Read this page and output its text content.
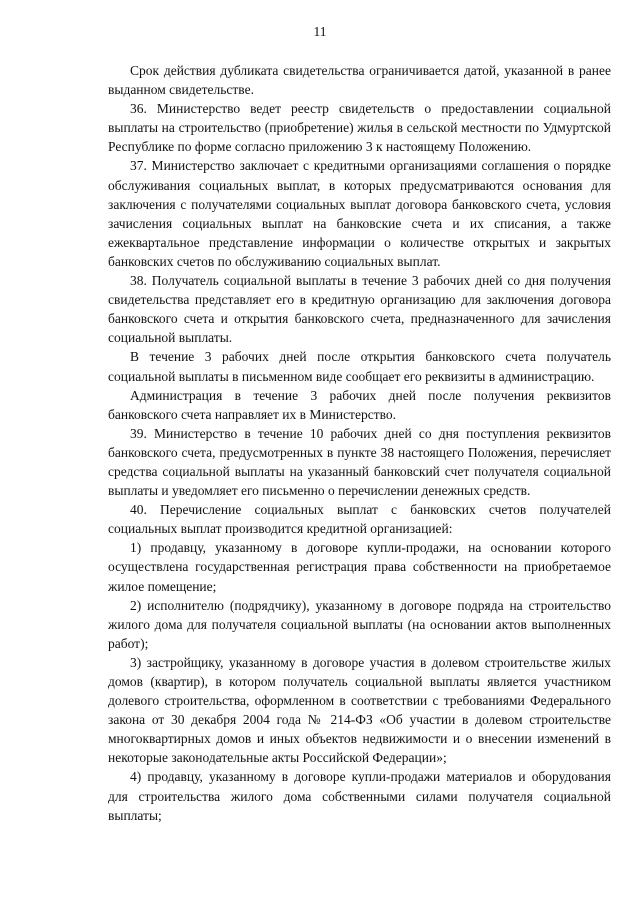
11

Срок действия дубликата свидетельства ограничивается датой, указанной в ранее выданном свидетельстве.

36. Министерство ведет реестр свидетельств о предоставлении социальной выплаты на строительство (приобретение) жилья в сельской местности по Удмуртской Республике по форме согласно приложению 3 к настоящему Положению.

37. Министерство заключает с кредитными организациями соглашения о порядке обслуживания социальных выплат, в которых предусматриваются основания для заключения с получателями социальных выплат договора банковского счета, условия зачисления социальных выплат на банковские счета и их списания, а также ежеквартальное представление информации о количестве открытых и закрытых банковских счетов по обслуживанию социальных выплат.

38. Получатель социальной выплаты в течение 3 рабочих дней со дня получения свидетельства представляет его в кредитную организацию для заключения договора банковского счета и открытия банковского счета, предназначенного для зачисления социальной выплаты.

В течение 3 рабочих дней после открытия банковского счета получатель социальной выплаты в письменном виде сообщает его реквизиты в администрацию.

Администрация в течение 3 рабочих дней после получения реквизитов банковского счета направляет их в Министерство.

39. Министерство в течение 10 рабочих дней со дня поступления реквизитов банковского счета, предусмотренных в пункте 38 настоящего Положения, перечисляет средства социальной выплаты на указанный банковский счет получателя социальной выплаты и уведомляет его письменно о перечислении денежных средств.

40. Перечисление социальных выплат с банковских счетов получателей социальных выплат производится кредитной организацией:

1) продавцу, указанному в договоре купли-продажи, на основании которого осуществлена государственная регистрация права собственности на приобретаемое жилое помещение;

2) исполнителю (подрядчику), указанному в договоре подряда на строительство жилого дома для получателя социальной выплаты (на основании актов выполненных работ);

3) застройщику, указанному в договоре участия в долевом строительстве жилых домов (квартир), в котором получатель социальной выплаты является участником долевого строительства, оформленном в соответствии с требованиями Федерального закона от 30 декабря 2004 года № 214-ФЗ «Об участии в долевом строительстве многоквартирных домов и иных объектов недвижимости и о внесении изменений в некоторые законодательные акты Российской Федерации»;

4) продавцу, указанному в договоре купли-продажи материалов и оборудования для строительства жилого дома собственными силами получателя социальной выплаты;
